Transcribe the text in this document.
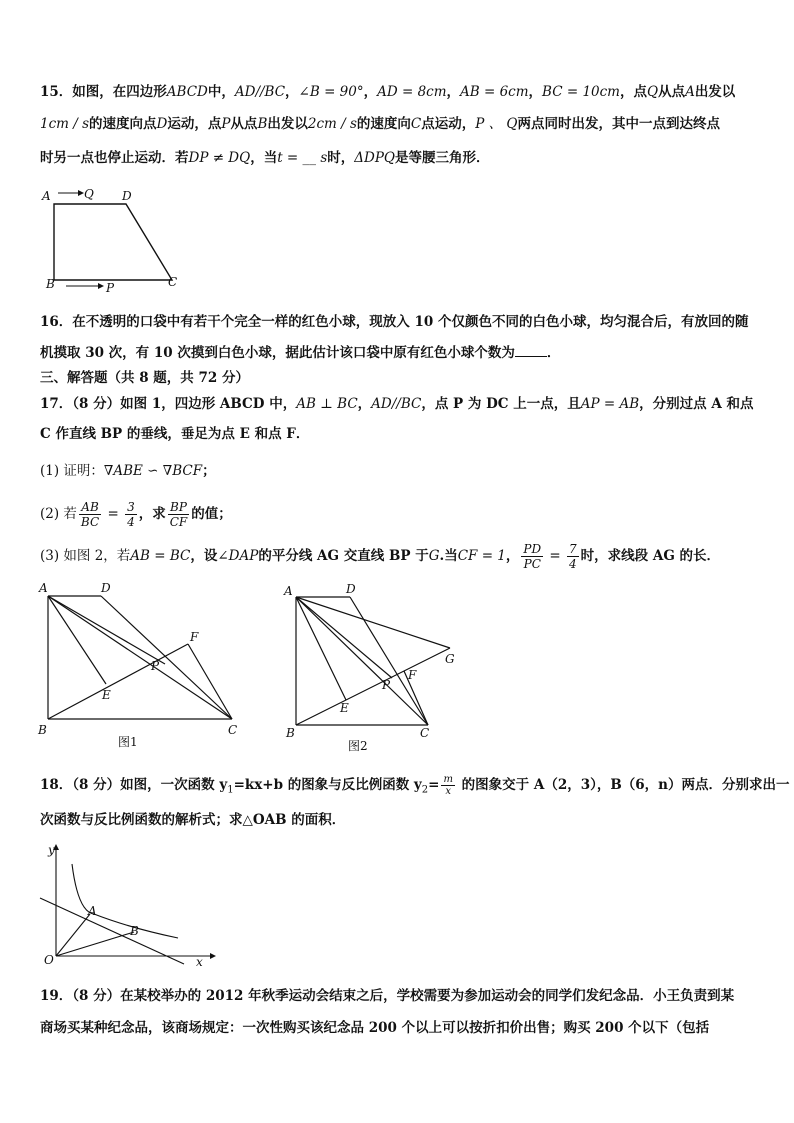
15．如图，在四边形ABCD中，AD//BC，∠B = 90°，AD = 8cm，AB = 6cm，BC = 10cm，点Q从点A出发以
1cm / s的速度向点D运动，点P从点B出发以2cm / s的速度向C点运动，P 、 Q两点同时出发，其中一点到达终点
时另一点也停止运动．若DP ≠ DQ，当t = __ s时，ΔDPQ是等腰三角形．
A	Q D
B	P	C
16．在不透明的口袋中有若干个完全一样的红色小球，现放入 10 个仅颜色不同的白色小球，均匀混合后，有放回的随
机摸取 30 次，有 10 次摸到白色小球，据此估计该口袋中原有红色小球个数为 ．
三、解答题（共 8 题，共 72 分）
17．（8 分）如图 1，四边形 ABCD 中，AB ⊥ BC，AD//BC，点 P 为 DC 上一点，且AP = AB，分别过点 A 和点
C 作直线 BP 的垂线，垂足为点 E 和点 F．
(1) 证明：∇ABE ∽ ∇BCF；
(2) 若 $\frac{AB}{BC} = \frac{3}{4}$ ，求 $\frac{BP}{CF}$ 的值；
(3) 如图 2，若AB = BC，设∠DAP的平分线 AG 交直线 BP 于G.当CF = 1， $\frac{PD}{PC} = \frac{7}{4}$ 时，求线段 AG 的长．
A	D
F
P
E
B	C
图1
A	D
G
F
P
E
B	C
图2
18．（8 分）如图，一次函数 $y_1=kx+b$ 的图象与反比例函数 $y_2= \frac{m}{x}$ 的图象交于 A（2，3），B（6，n）两点．分别求出一
次函数与反比例函数的解析式；求△OAB 的面积．
y
A
B
O	x
19．（8 分）在某校举办的 2012 年秋季运动会结束之后，学校需要为参加运动会的同学们发纪念品．小王负责到某
商场买某种纪念品，该商场规定：一次性购买该纪念品 200 个以上可以按折扣价出售；购买 200 个以下（包括
